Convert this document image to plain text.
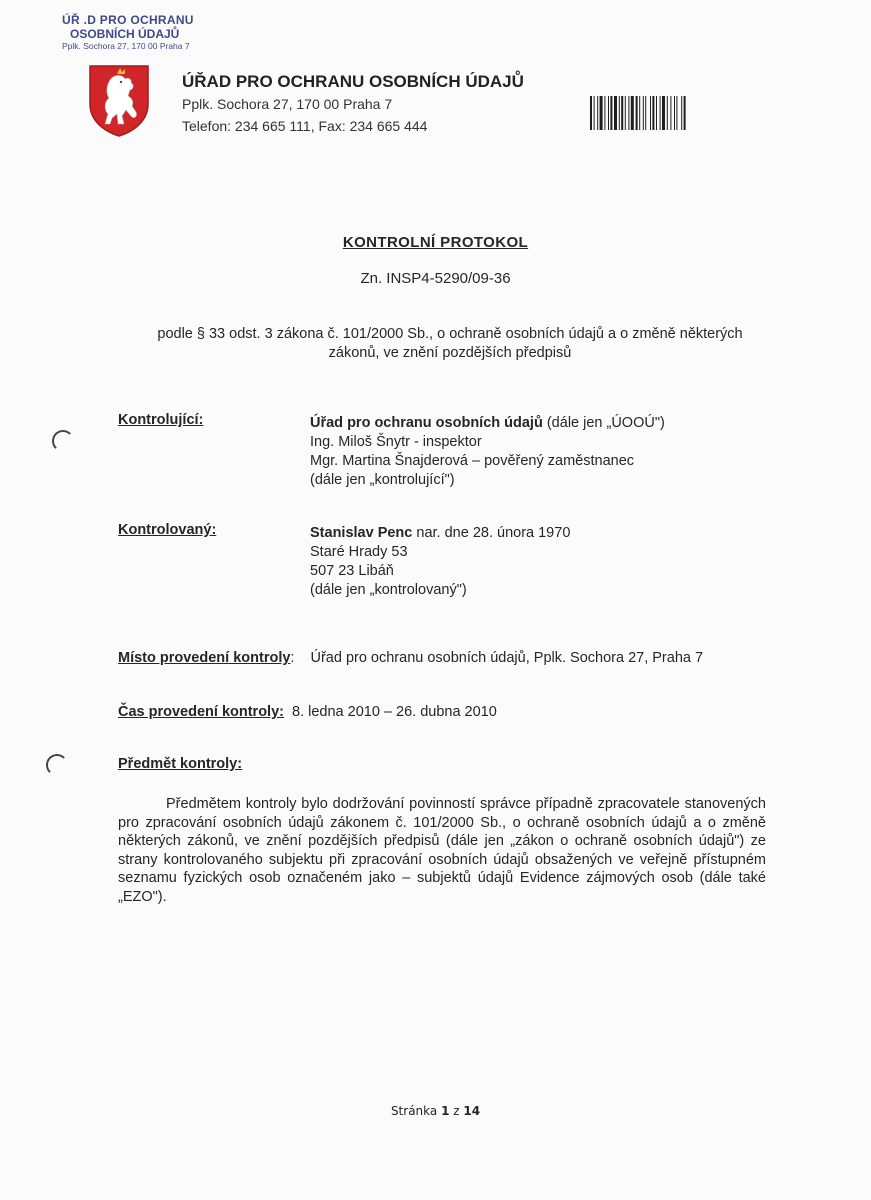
ÚŘ .D PRO OCHRANU
OSOBNÍCH ÚDAJŮ
Pplk. Sochora 27, 170 00 Praha 7
ÚŘAD PRO OCHRANU OSOBNÍCH ÚDAJŮ
Pplk. Sochora 27, 170 00 Praha 7
Telefon: 234 665 111, Fax: 234 665 444
KONTROLNÍ PROTOKOL
Zn. INSP4-5290/09-36
podle § 33 odst. 3 zákona č. 101/2000 Sb., o ochraně osobních údajů a o změně některých
zákonů, ve znění pozdějších předpisů
Kontrolující:	Úřad pro ochranu osobních údajů (dále jen „ÚOOÚ")
Ing. Miloš Šnytr - inspektor
Mgr. Martina Šnajderová – pověřený zaměstnanec
(dále jen „kontrolující")
Kontrolovaný:	Stanislav Penc nar. dne 28. února 1970
Staré Hrady 53
507 23 Libáň
(dále jen „kontrolovaný")
Místo provedení kontroly: Úřad pro ochranu osobních údajů, Pplk. Sochora 27, Praha 7
Čas provedení kontroly: 8. ledna 2010 – 26. dubna 2010
Předmět kontroly:
Předmětem kontroly bylo dodržování povinností správce případně zpracovatele stanovených pro zpracování osobních údajů zákonem č. 101/2000 Sb., o ochraně osobních údajů a o změně některých zákonů, ve znění pozdějších předpisů (dále jen „zákon o ochraně osobních údajů") ze strany kontrolovaného subjektu při zpracování osobních údajů obsažených ve veřejně přístupném seznamu fyzických osob označeném jako – subjektů údajů Evidence zájmových osob (dále také „EZO").
Stránka 1 z 14
